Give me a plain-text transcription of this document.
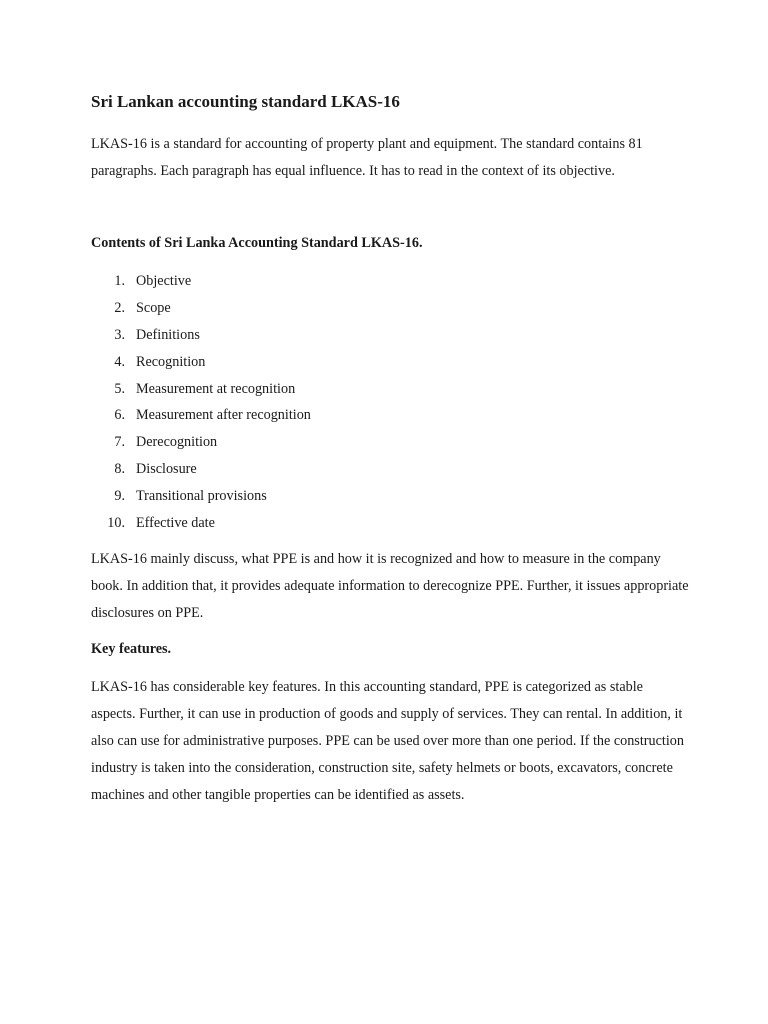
Sri Lankan accounting standard LKAS-16

LKAS-16 is a standard for accounting of property plant and equipment. The standard contains 81 paragraphs. Each paragraph has equal influence. It has to read in the context of its objective.

Contents of Sri Lanka Accounting Standard LKAS-16.
1. Objective
2. Scope
3. Definitions
4. Recognition
5. Measurement at recognition
6. Measurement after recognition
7. Derecognition
8. Disclosure
9. Transitional provisions
10. Effective date

LKAS-16 mainly discuss, what PPE is and how it is recognized and how to measure in the company book. In addition that, it provides adequate information to derecognize PPE. Further, it issues appropriate disclosures on PPE.

Key features.

LKAS-16 has considerable key features. In this accounting standard, PPE is categorized as stable aspects. Further, it can use in production of goods and supply of services. They can rental. In addition, it also can use for administrative purposes. PPE can be used over more than one period. If the construction industry is taken into the consideration, construction site, safety helmets or boots, excavators, concrete machines and other tangible properties can be identified as assets.
